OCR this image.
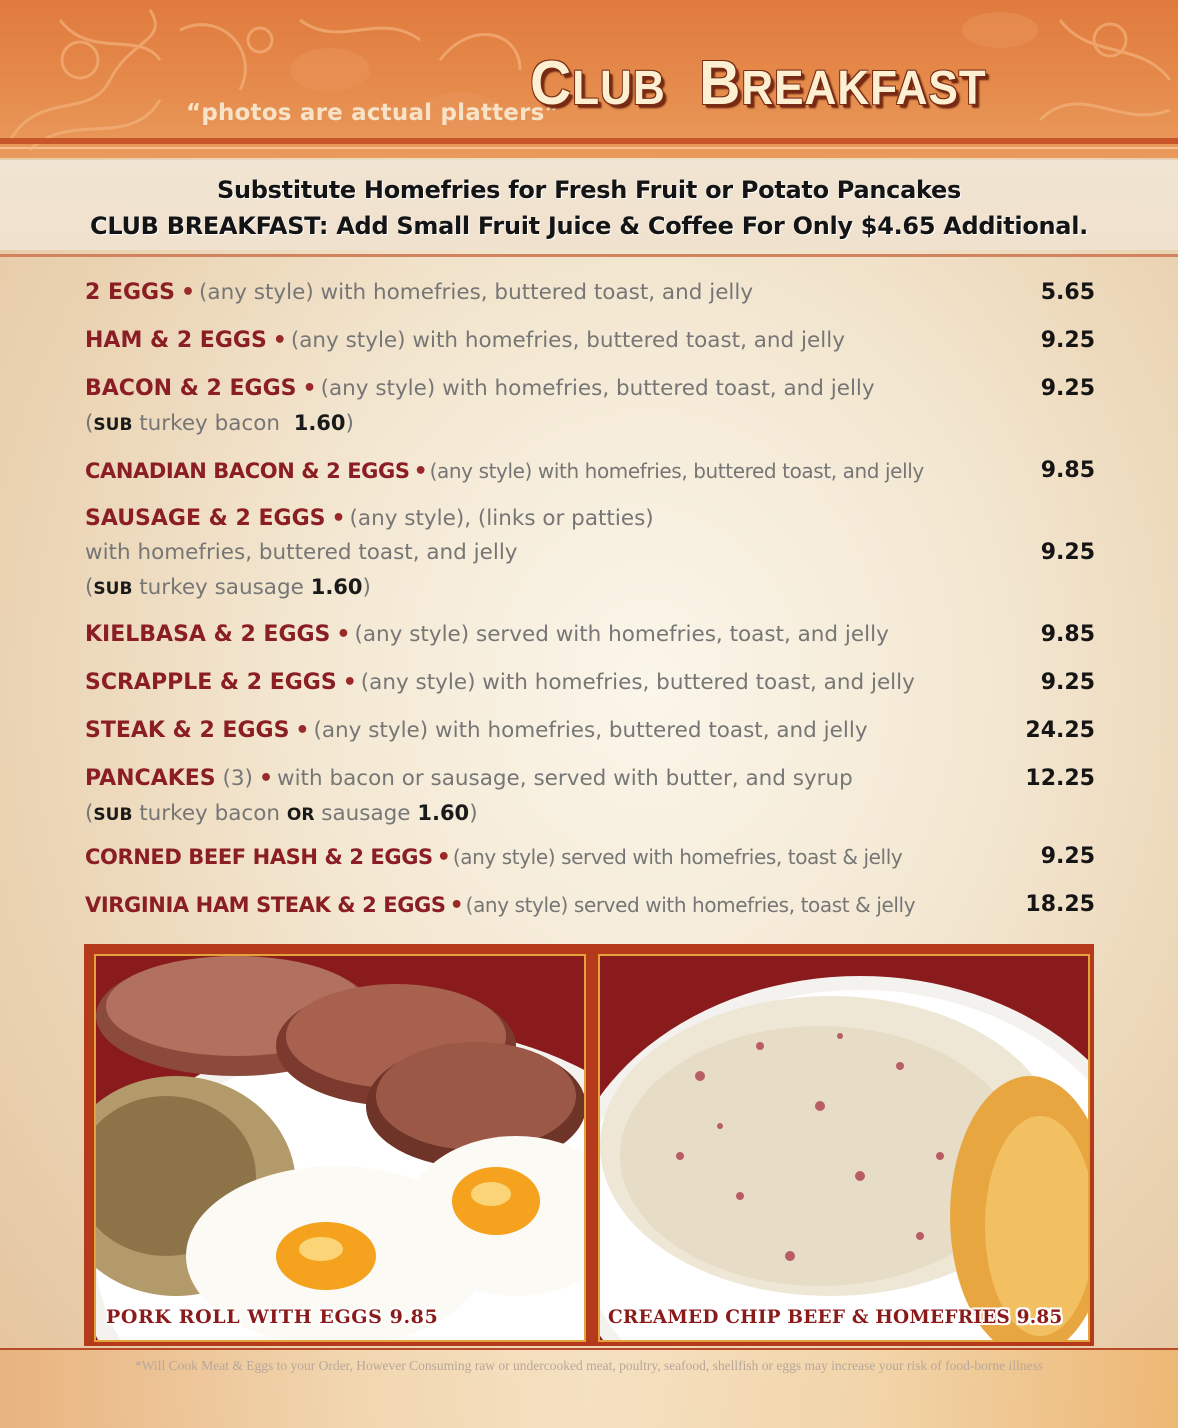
“photos are actual platters”
CLUB BREAKFAST
Substitute Homefries for Fresh Fruit or Potato Pancakes
CLUB BREAKFAST: Add Small Fruit Juice & Coffee For Only $4.65 Additional.
2 EGGS • (any style) with homefries, buttered toast, and jelly	5.65
HAM & 2 EGGS • (any style) with homefries, buttered toast, and jelly	9.25
BACON & 2 EGGS • (any style) with homefries, buttered toast, and jelly	9.25
(SUB turkey bacon  1.60)
CANADIAN BACON & 2 EGGS • (any style) with homefries, buttered toast, and jelly	9.85
SAUSAGE & 2 EGGS • (any style), (links or patties)
with homefries, buttered toast, and jelly	9.25
(SUB turkey sausage 1.60)
KIELBASA & 2 EGGS • (any style) served with homefries, toast, and jelly	9.85
SCRAPPLE & 2 EGGS • (any style) with homefries, buttered toast, and jelly	9.25
STEAK & 2 EGGS • (any style) with homefries, buttered toast, and jelly	24.25
PANCAKES (3) • with bacon or sausage, served with butter, and syrup	12.25
(SUB turkey bacon OR sausage 1.60)
CORNED BEEF HASH & 2 EGGS • (any style) served with homefries, toast & jelly	9.25
VIRGINIA HAM STEAK & 2 EGGS • (any style) served with homefries, toast & jelly	18.25
PORK ROLL WITH EGGS 9.85	CREAMED CHIP BEEF & HOMEFRIES 9.85
*Will Cook Meat & Eggs to your Order, However Consuming raw or undercooked meat, poultry, seafood, shellfish or eggs may increase your risk of food-borne illness
